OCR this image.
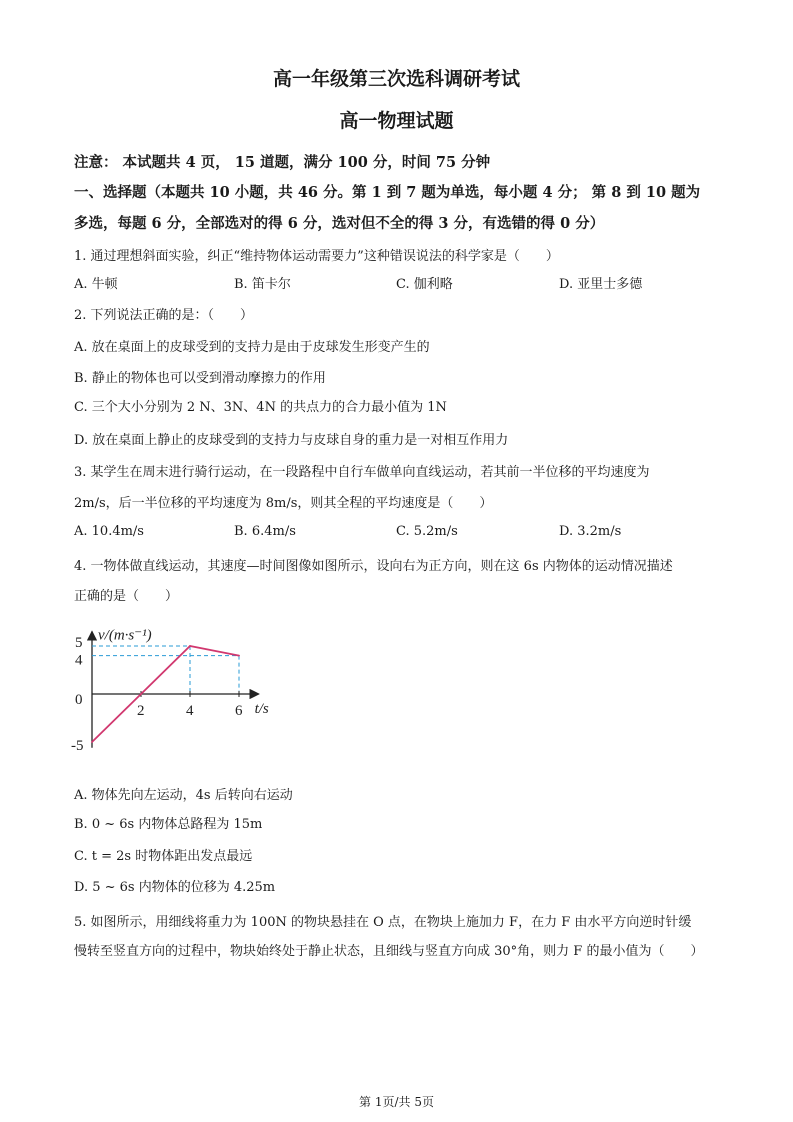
高一年级第三次选科调研考试
高一物理试题
注意： 本试题共 4 页， 15 道题，满分 100 分，时间 75 分钟
一、选择题（本题共 10 小题，共 46 分。第 1 到 7 题为单选，每小题 4 分； 第 8 到 10 题为
多选，每题 6 分，全部选对的得 6 分，选对但不全的得 3 分，有选错的得 0 分）
1. 通过理想斜面实验，纠正“维持物体运动需要力”这种错误说法的科学家是（　　）
A. 牛顿	B. 笛卡尔	C. 伽利略	D. 亚里士多德
2. 下列说法正确的是：（　　）
A. 放在桌面上的皮球受到的支持力是由于皮球发生形变产生的
B. 静止的物体也可以受到滑动摩擦力的作用
C. 三个大小分别为 2 N、3N、4N 的共点力的合力最小值为 1N
D. 放在桌面上静止的皮球受到的支持力与皮球自身的重力是一对相互作用力
3. 某学生在周末进行骑行运动，在一段路程中自行车做单向直线运动，若其前一半位移的平均速度为
2m/s，后一半位移的平均速度为 8m/s，则其全程的平均速度是（　　）
A. 10.4m/s	B. 6.4m/s	C. 5.2m/s	D. 3.2m/s
4. 一物体做直线运动，其速度—时间图像如图所示，设向右为正方向，则在这 6s 内物体的运动情况描述
正确的是（　　）
v/(m·s⁻¹)
t/s
2	4	6
5
4
0
-5
A. 物体先向左运动，4s 后转向右运动
B. 0 ~ 6s 内物体总路程为 15m
C. t = 2s 时物体距出发点最远
D. 5 ~ 6s 内物体的位移为 4.25m
5. 如图所示，用细线将重力为 100N 的物块悬挂在 O 点，在物块上施加力 F，在力 F 由水平方向逆时针缓
慢转至竖直方向的过程中，物块始终处于静止状态，且细线与竖直方向成 30°角，则力 F 的最小值为（　　）
第 1页/共 5页
